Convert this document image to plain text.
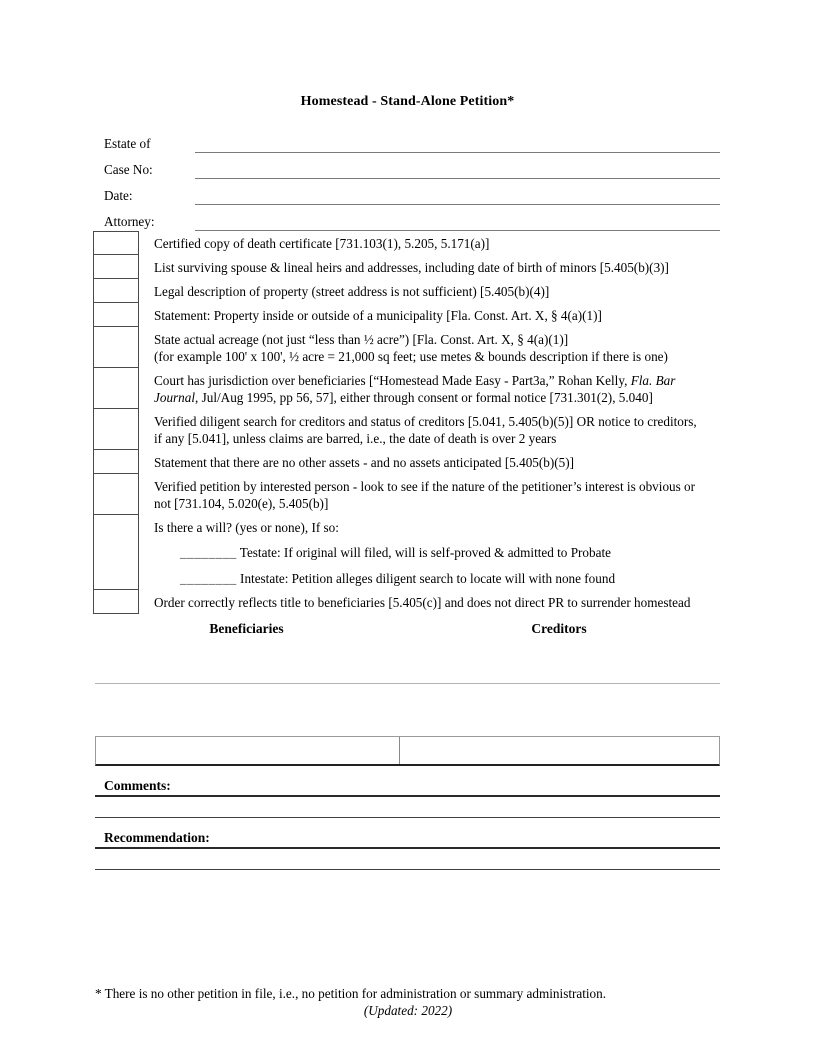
Homestead - Stand-Alone Petition*
Estate of
Case No:
Date:
Attorney:
Certified copy of death certificate [731.103(1), 5.205, 5.171(a)]
List surviving spouse & lineal heirs and addresses, including date of birth of minors [5.405(b)(3)]
Legal description of property (street address is not sufficient) [5.405(b)(4)]
Statement: Property inside or outside of a municipality [Fla. Const. Art. X, § 4(a)(1)]
State actual acreage (not just “less than ½ acre”) [Fla. Const. Art. X, § 4(a)(1)]
(for example 100' x 100', ½ acre = 21,000 sq feet; use metes & bounds description if there is one)
Court has jurisdiction over beneficiaries [“Homestead Made Easy - Part3a,” Rohan Kelly, Fla. Bar
Journal, Jul/Aug 1995, pp 56, 57], either through consent or formal notice [731.301(2), 5.040]
Verified diligent search for creditors and status of creditors [5.041, 5.405(b)(5)] OR notice to creditors,
if any [5.041], unless claims are barred, i.e., the date of death is over 2 years
Statement that there are no other assets - and no assets anticipated [5.405(b)(5)]
Verified petition by interested person - look to see if the nature of the petitioner’s interest is obvious or
not [731.104, 5.020(e), 5.405(b)]
Is there a will? (yes or none), If so:
________ Testate: If original will filed, will is self-proved & admitted to Probate
________ Intestate: Petition alleges diligent search to locate will with none found
Order correctly reflects title to beneficiaries [5.405(c)] and does not direct PR to surrender homestead
Beneficiaries	Creditors
Comments:
Recommendation:
* There is no other petition in file, i.e., no petition for administration or summary administration.
(Updated: 2022)
